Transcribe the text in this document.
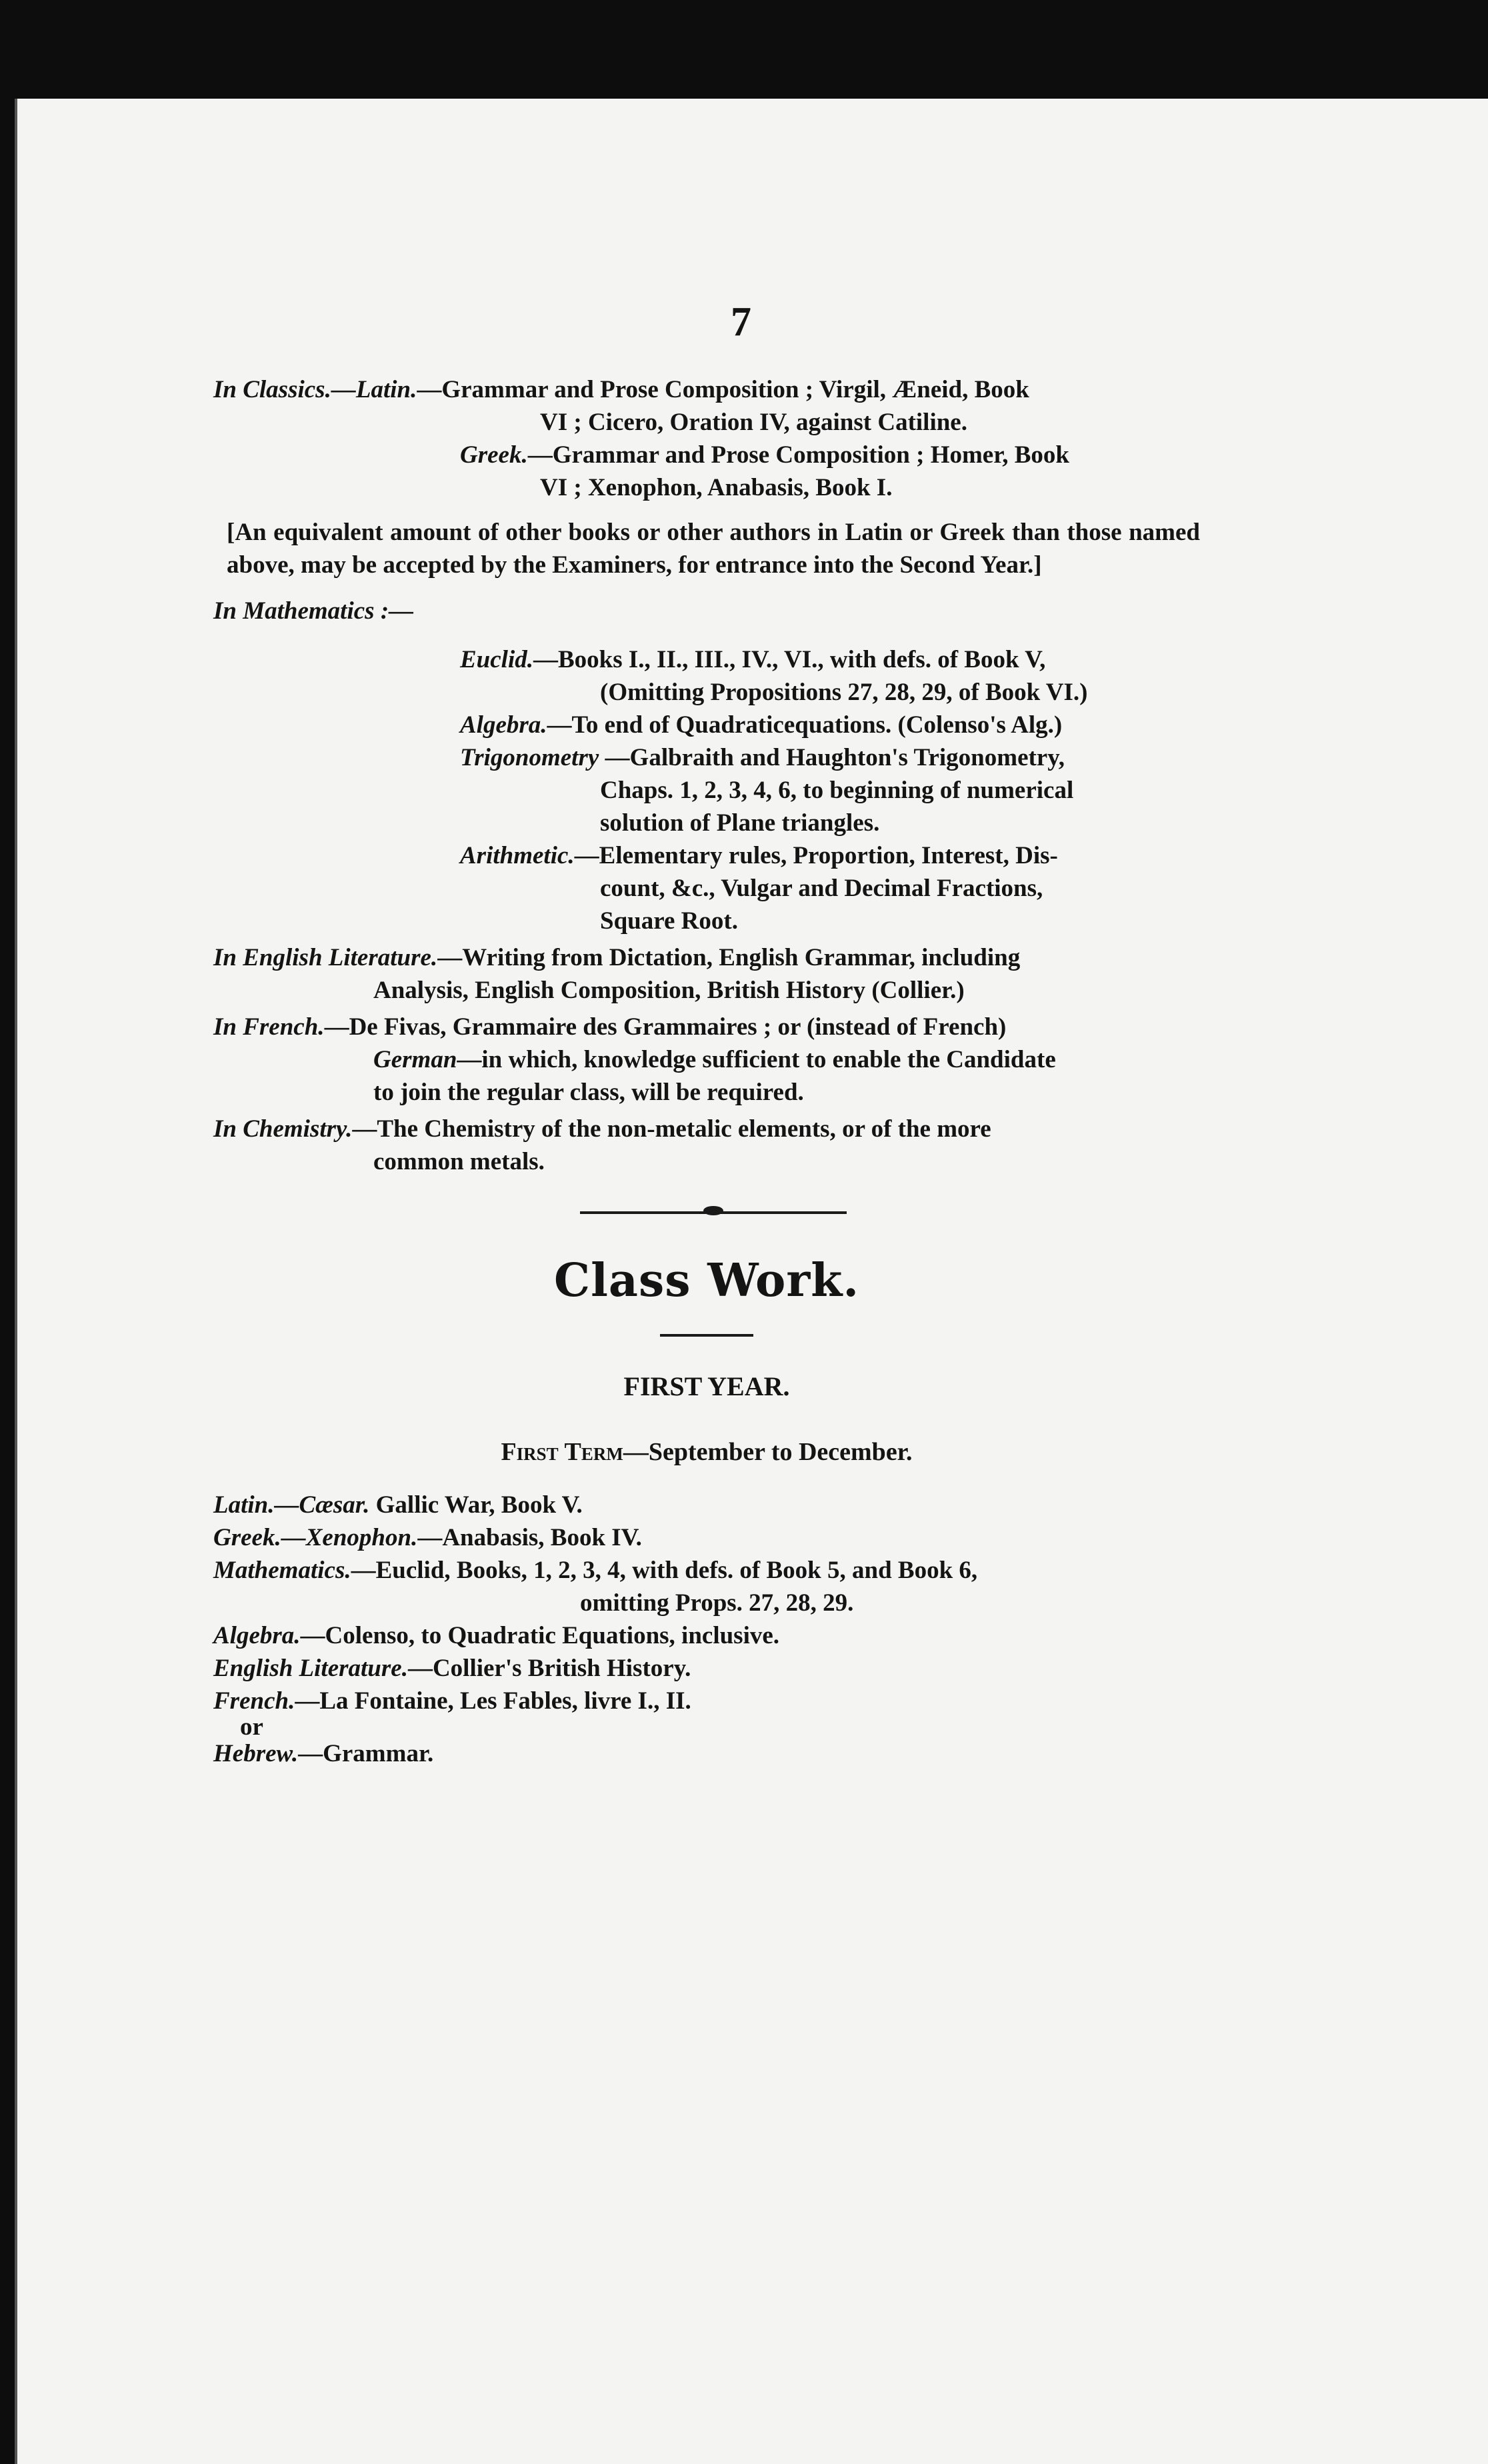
7

In Classics.—Latin.—Grammar and Prose Composition ; Virgil, Æneid, Book

VI ; Cicero, Oration IV, against Catiline.

Greek.—Grammar and Prose Composition ; Homer, Book

VI ; Xenophon, Anabasis, Book I.

[An equivalent amount of other books or other authors in Latin or Greek than those named above, may be accepted by the Examiners, for entrance into the Second Year.]

In Mathematics :—

Euclid.—Books I., II., III., IV., VI., with defs. of Book V,

(Omitting Propositions 27, 28, 29, of Book VI.)

Algebra.—To end of Quadraticequations. (Colenso's Alg.)

Trigonometry —Galbraith and Haughton's Trigonometry,

Chaps. 1, 2, 3, 4, 6, to beginning of numerical

solution of Plane triangles.

Arithmetic.—Elementary rules, Proportion, Interest, Dis-

count, &c., Vulgar and Decimal Fractions,

Square Root.

In English Literature.—Writing from Dictation, English Grammar, including

Analysis, English Composition, British History (Collier.)

In French.—De Fivas, Grammaire des Grammaires ; or (instead of French)

German—in which, knowledge sufficient to enable the Candidate

to join the regular class, will be required.

In Chemistry.—The Chemistry of the non-metalic elements, or of the more

common metals.

Class Work.

FIRST YEAR.

First Term—September to December.

Latin.—Cæsar. Gallic War, Book V.

Greek.—Xenophon.—Anabasis, Book IV.

Mathematics.—Euclid, Books, 1, 2, 3, 4, with defs. of Book 5, and Book 6,

omitting Props. 27, 28, 29.

Algebra.—Colenso, to Quadratic Equations, inclusive.

English Literature.—Collier's British History.

French.—La Fontaine, Les Fables, livre I., II.

or

Hebrew.—Grammar.
